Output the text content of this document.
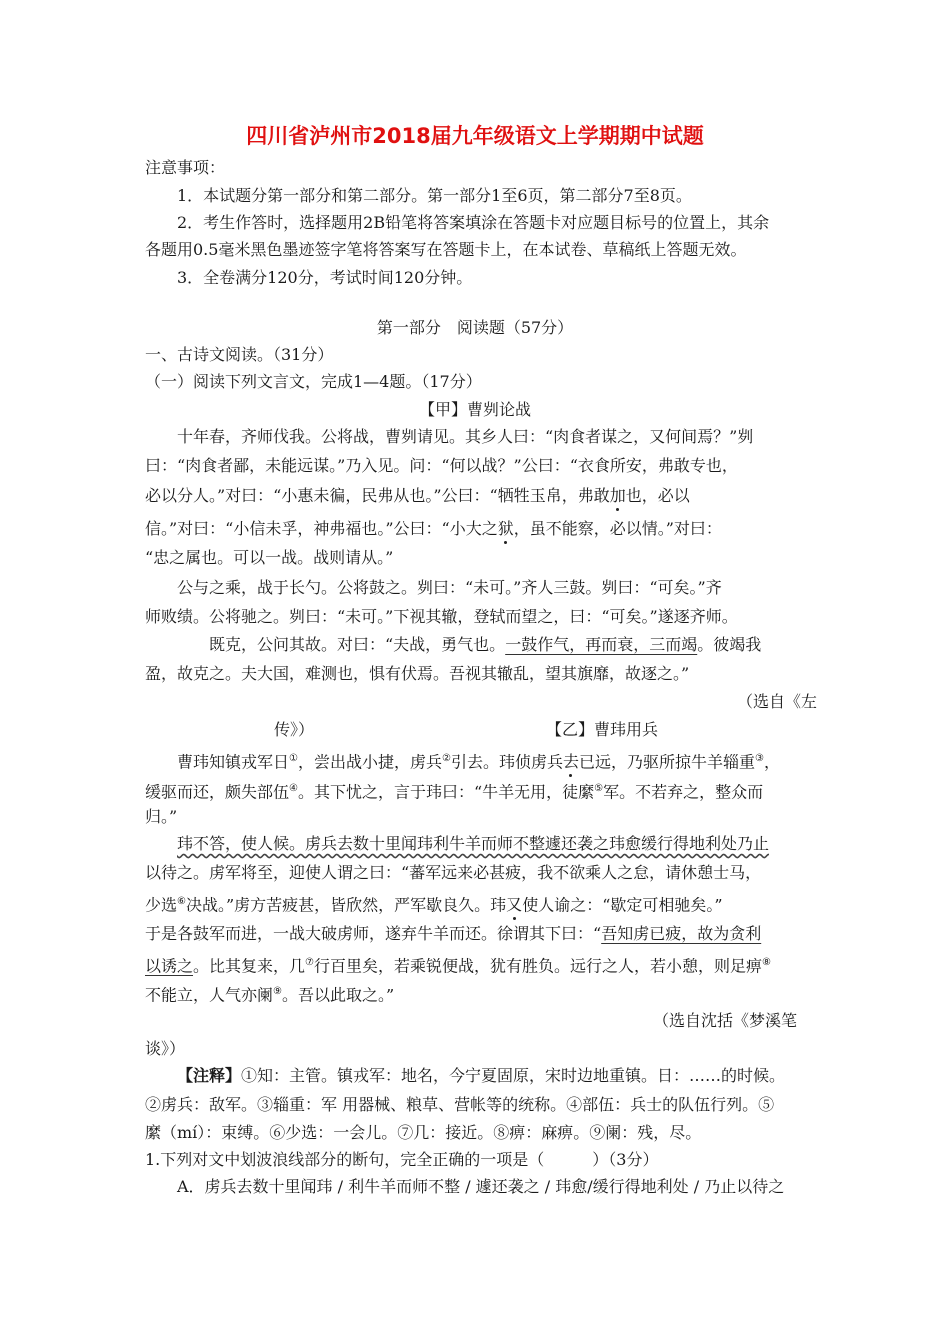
四川省泸州市2018届九年级语文上学期期中试题
注意事项：
1．本试题分第一部分和第二部分。第一部分1至6页，第二部分7至8页。
2．考生作答时，选择题用2B铅笔将答案填涂在答题卡对应题目标号的位置上，其余
各题用0.5毫米黑色墨迹签字笔将答案写在答题卡上，在本试卷、草稿纸上答题无效。
3．全卷满分120分，考试时间120分钟。
第一部分　阅读题（57分）
一、古诗文阅读。（31分）
（一）阅读下列文言文，完成1—4题。（17分）
【甲】曹刿论战
十年春，齐师伐我。公将战，曹刿请见。其乡人曰：“肉食者谋之，又何间焉？”刿
曰：“肉食者鄙，未能远谋。”乃入见。问：“何以战？”公曰：“衣食所安，弗敢专也，
必以分人。”对曰：“小惠未徧，民弗从也。”公曰：“牺牲玉帛，弗敢加也，必以
信。”对曰：“小信未孚，神弗福也。”公曰：“小大之狱，虽不能察，必以情。”对曰：
“忠之属也。可以一战。战则请从。”
公与之乘，战于长勺。公将鼓之。刿曰：“未可。”齐人三鼓。刿曰：“可矣。”齐
师败绩。公将驰之。刿曰：“未可。”下视其辙，登轼而望之，曰：“可矣。”遂逐齐师。
既克，公问其故。对曰：“夫战，勇气也。一鼓作气，再而衰，三而竭。彼竭我
盈，故克之。夫大国，难测也，惧有伏焉。吾视其辙乱，望其旗靡，故逐之。”
（选自《左
传》）	【乙】曹玮用兵
曹玮知镇戎军日①，尝出战小捷，虏兵②引去。玮侦虏兵去已远，乃驱所掠牛羊辎重③，
缓驱而还，颇失部伍④。其下忧之，言于玮曰：“牛羊无用，徒縻⑤军。不若弃之，整众而
归。”
玮不答，使人候。虏兵去数十里闻玮利牛羊而师不整遽还袭之玮愈缓行得地利处乃止
以待之。虏军将至，迎使人谓之曰：“蕃军远来必甚疲，我不欲乘人之怠，请休憩士马，
少选⑥决战。”虏方苦疲甚，皆欣然，严军歇良久。玮又使人谕之：“歇定可相驰矣。”
于是各鼓军而进，一战大破虏师，遂弃牛羊而还。徐谓其下曰：“吾知虏已疲，故为贪利
以诱之。比其复来，几⑦行百里矣，若乘锐便战，犹有胜负。远行之人，若小憩，则足痹⑧
不能立，人气亦阑⑨。吾以此取之。”
（选自沈括《梦溪笔
谈》）
【注释】①知：主管。镇戎军：地名，今宁夏固原，宋时边地重镇。日：……的时候。
②虏兵：敌军。③辎重：军 用器械、粮草、营帐等的统称。④部伍：兵士的队伍行列。⑤
縻（mí）：束缚。⑥少选：一会儿。⑦几：接近。⑧痹：麻痹。⑨阑：残，尽。
1.下列对文中划波浪线部分的断句，完全正确的一项是（　　　）（3分）
A．虏兵去数十里闻玮 / 利牛羊而师不整 / 遽还袭之 / 玮愈/缓行得地利处 / 乃止以待之
